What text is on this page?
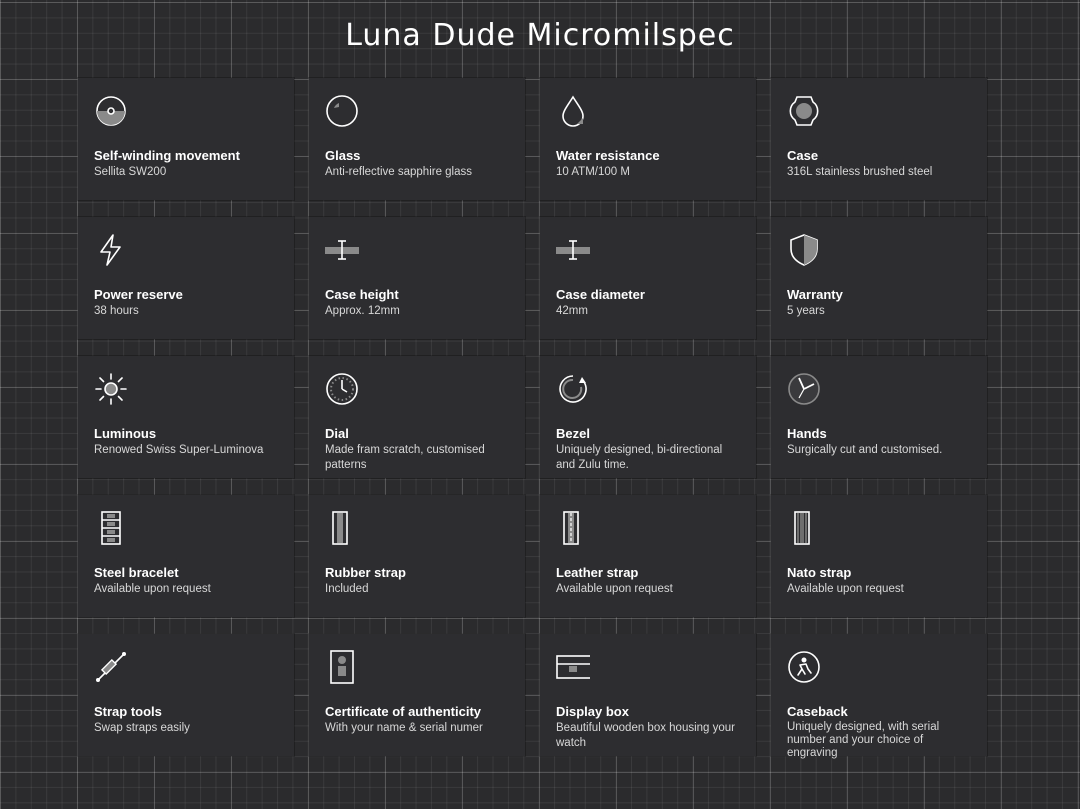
Luna Dude Micromilspec
Self-winding movement
Sellita SW200
Glass
Anti-reflective sapphire glass
Water resistance
10 ATM/100 M
Case
316L stainless brushed steel
Power reserve
38 hours
Case height
Approx. 12mm
Case diameter
42mm
Warranty
5 years
Luminous
Renowed Swiss Super-Luminova
Dial
Made fram scratch, customised patterns
Bezel
Uniquely designed, bi-directional and Zulu time.
Hands
Surgically cut and customised.
Steel bracelet
Available upon request
Rubber strap
Included
Leather strap
Available upon request
Nato strap
Available upon request
Strap tools
Swap straps easily
Certificate of authenticity
With your name & serial numer
Display box
Beautiful wooden box housing your watch
Caseback
Uniquely designed, with serial number and your choice of engraving
